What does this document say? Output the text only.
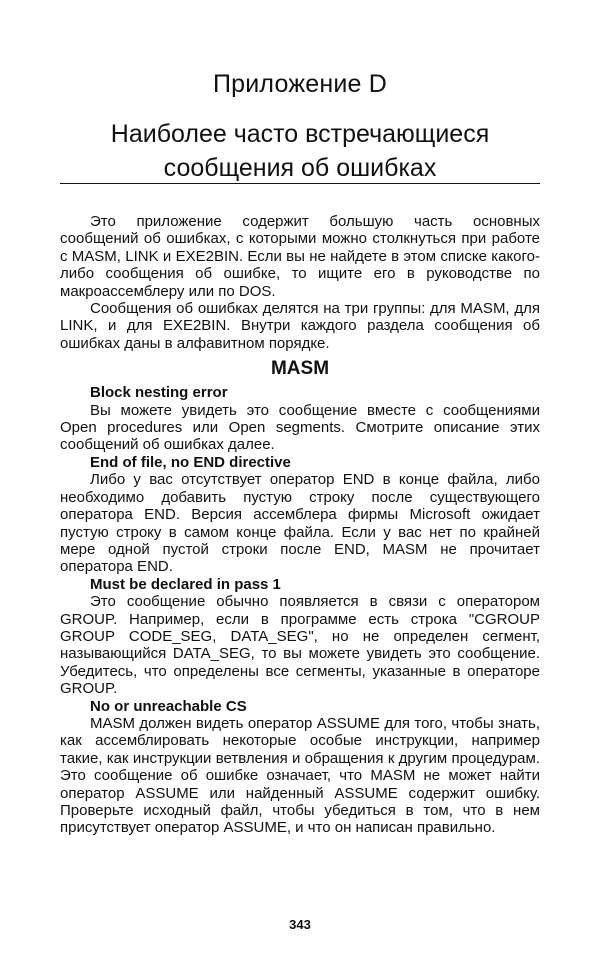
Приложение D
Наиболее часто встречающиеся
сообщения об ошибках

Это приложение содержит большую часть основных сообщений об ошибках, с которыми можно столкнуться при работе с MASM, LINK и EXE2BIN. Если вы не найдете в этом списке какого-либо сообщения об ошибке, то ищите его в руководстве по макроассемблеру или по DOS.

Сообщения об ошибках делятся на три группы: для MASM, для LINK, и для EXE2BIN. Внутри каждого раздела сообщения об ошибках даны в алфавитном порядке.

MASM
Block nesting error

Вы можете увидеть это сообщение вместе с сообщениями Open procedures или Open segments. Смотрите описание этих сообщений об ошибках далее.

End of file, no END directive

Либо у вас отсутствует оператор END в конце файла, либо необходимо добавить пустую строку после существующего оператора END. Версия ассемблера фирмы Microsoft ожидает пустую строку в самом конце файла. Если у вас нет по крайней мере одной пустой строки после END, MASM не прочитает оператора END.

Must be declared in pass 1

Это сообщение обычно появляется в связи с оператором GROUP. Например, если в программе есть строка "CGROUP GROUP CODE_SEG, DATA_SEG", но не определен сегмент, называющийся DATA_SEG, то вы можете увидеть это сообщение. Убедитесь, что определены все сегменты, указанные в операторе GROUP.

No or unreachable CS

MASM должен видеть оператор ASSUME для того, чтобы знать, как ассемблировать некоторые особые инструкции, например такие, как инструкции ветвления и обращения к другим процедурам. Это сообщение об ошибке означает, что MASM не может найти оператор ASSUME или найденный ASSUME содержит ошибку. Проверьте исходный файл, чтобы убедиться в том, что в нем присутствует оператор ASSUME, и что он написан правильно.

343
